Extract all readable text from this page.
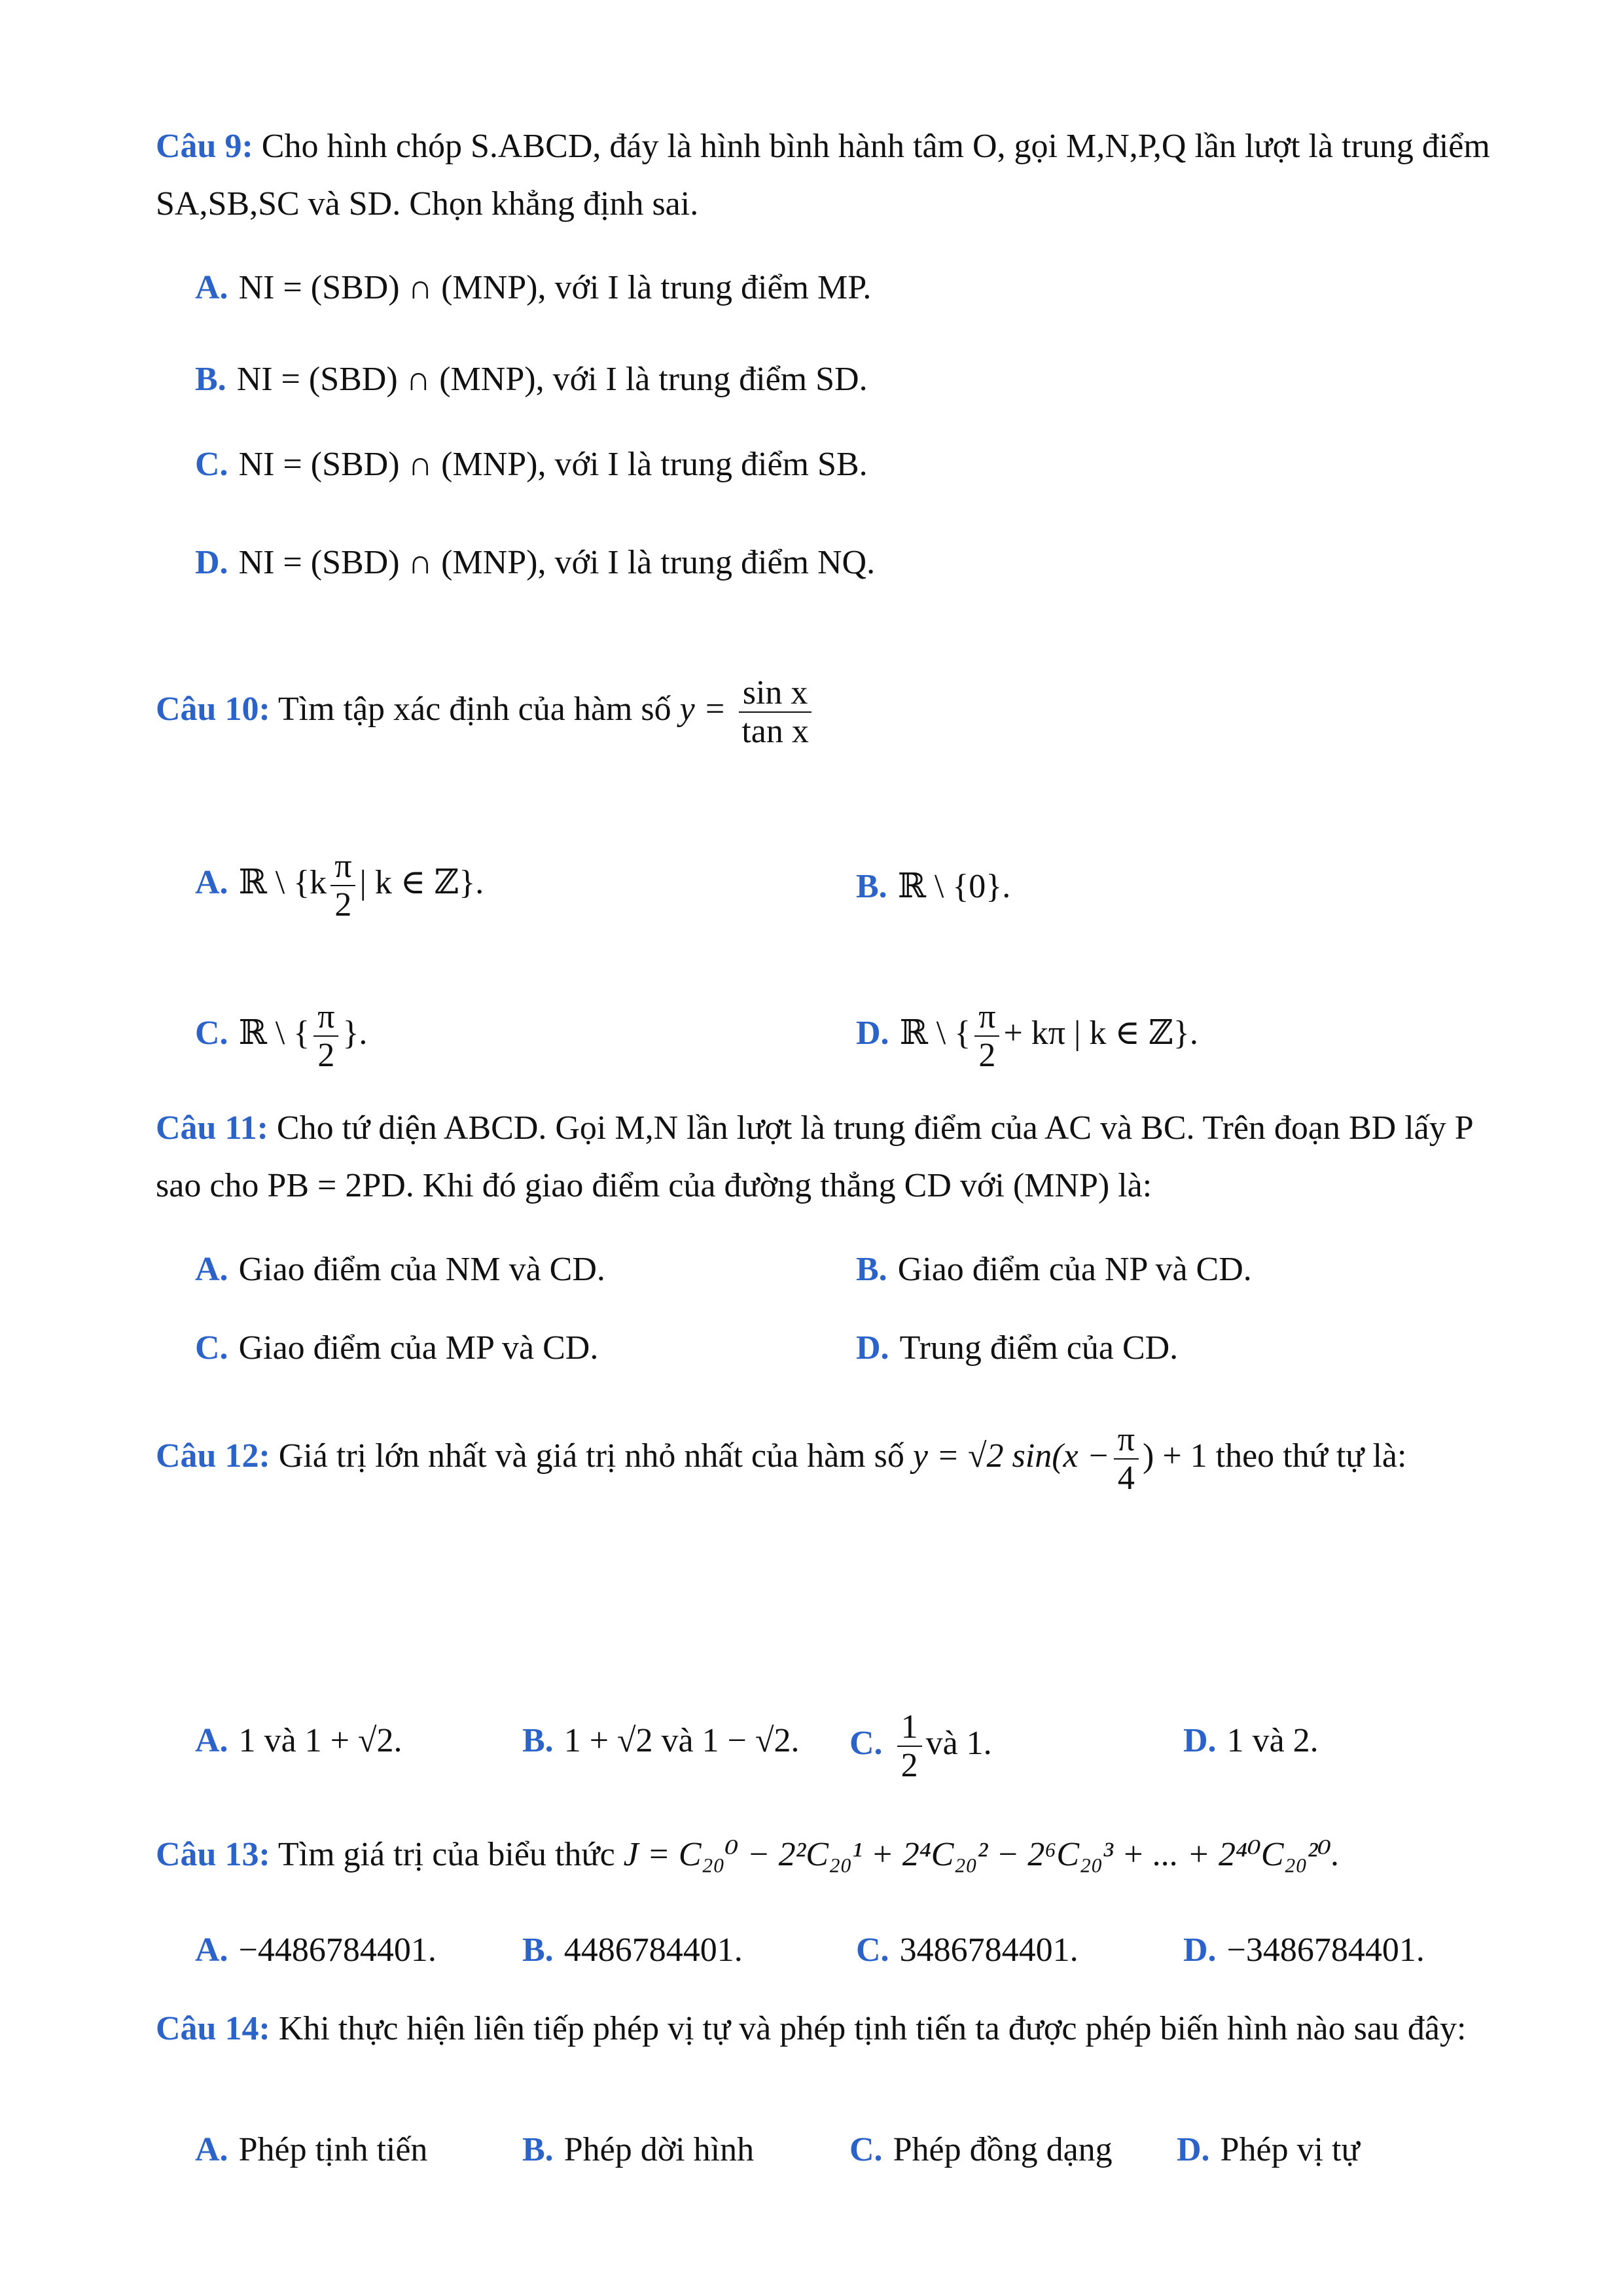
Câu 9: Cho hình chóp S.ABCD, đáy là hình bình hành tâm O, gọi M,N,P,Q lần lượt là trung điểm SA,SB,SC và SD. Chọn khẳng định sai.
A. NI = (SBD) ∩ (MNP), với I là trung điểm MP.
B. NI = (SBD) ∩ (MNP), với I là trung điểm SD.
C. NI = (SBD) ∩ (MNP), với I là trung điểm SB.
D. NI = (SBD) ∩ (MNP), với I là trung điểm NQ.
Câu 10: Tìm tập xác định của hàm số $y = \frac{\text{sin x}}{\text{tan x}}$
A. ℝ \ {$k \frac{\pi}{2}$ | k ∈ ℤ}.	B. ℝ \ {0}.
C. ℝ \ { $\frac{\pi}{2}$ }.	D. ℝ \ { $\frac{\pi}{2} + k\pi$ | k ∈ ℤ}.
Câu 11: Cho tứ diện ABCD. Gọi M,N lần lượt là trung điểm của AC và BC. Trên đoạn BD lấy P sao cho PB = 2PD. Khi đó giao điểm của đường thẳng CD với (MNP) là:
A. Giao điểm của NM và CD.	B. Giao điểm của NP và CD.
C. Giao điểm của MP và CD.	D. Trung điểm của CD.
Câu 12: Giá trị lớn nhất và giá trị nhỏ nhất của hàm số y = √2 $\sin(x - \frac{\pi}{4}$ ) + 1 theo thứ tự là:
A. 1 và 1 + √2.	B. 1 + √2 và 1 − √2. C. $\frac{1}{2}$ và 1.	D. 1 và 2.
Câu 13: Tìm giá trị của biểu thức J = C₂₀⁰ − 2²C₂₀¹ + 2⁴C₂₀² − 2⁶C₂₀³ + ... + 2⁴⁰C₂₀²⁰.
A. −4486784401.	B. 4486784401.	C. 3486784401.	D. −3486784401.
Câu 14: Khi thực hiện liên tiếp phép vị tự và phép tịnh tiến ta được phép biến hình nào sau đây:
A. Phép tịnh tiến	B. Phép dời hình	C. Phép đồng dạng D. Phép vị tự
